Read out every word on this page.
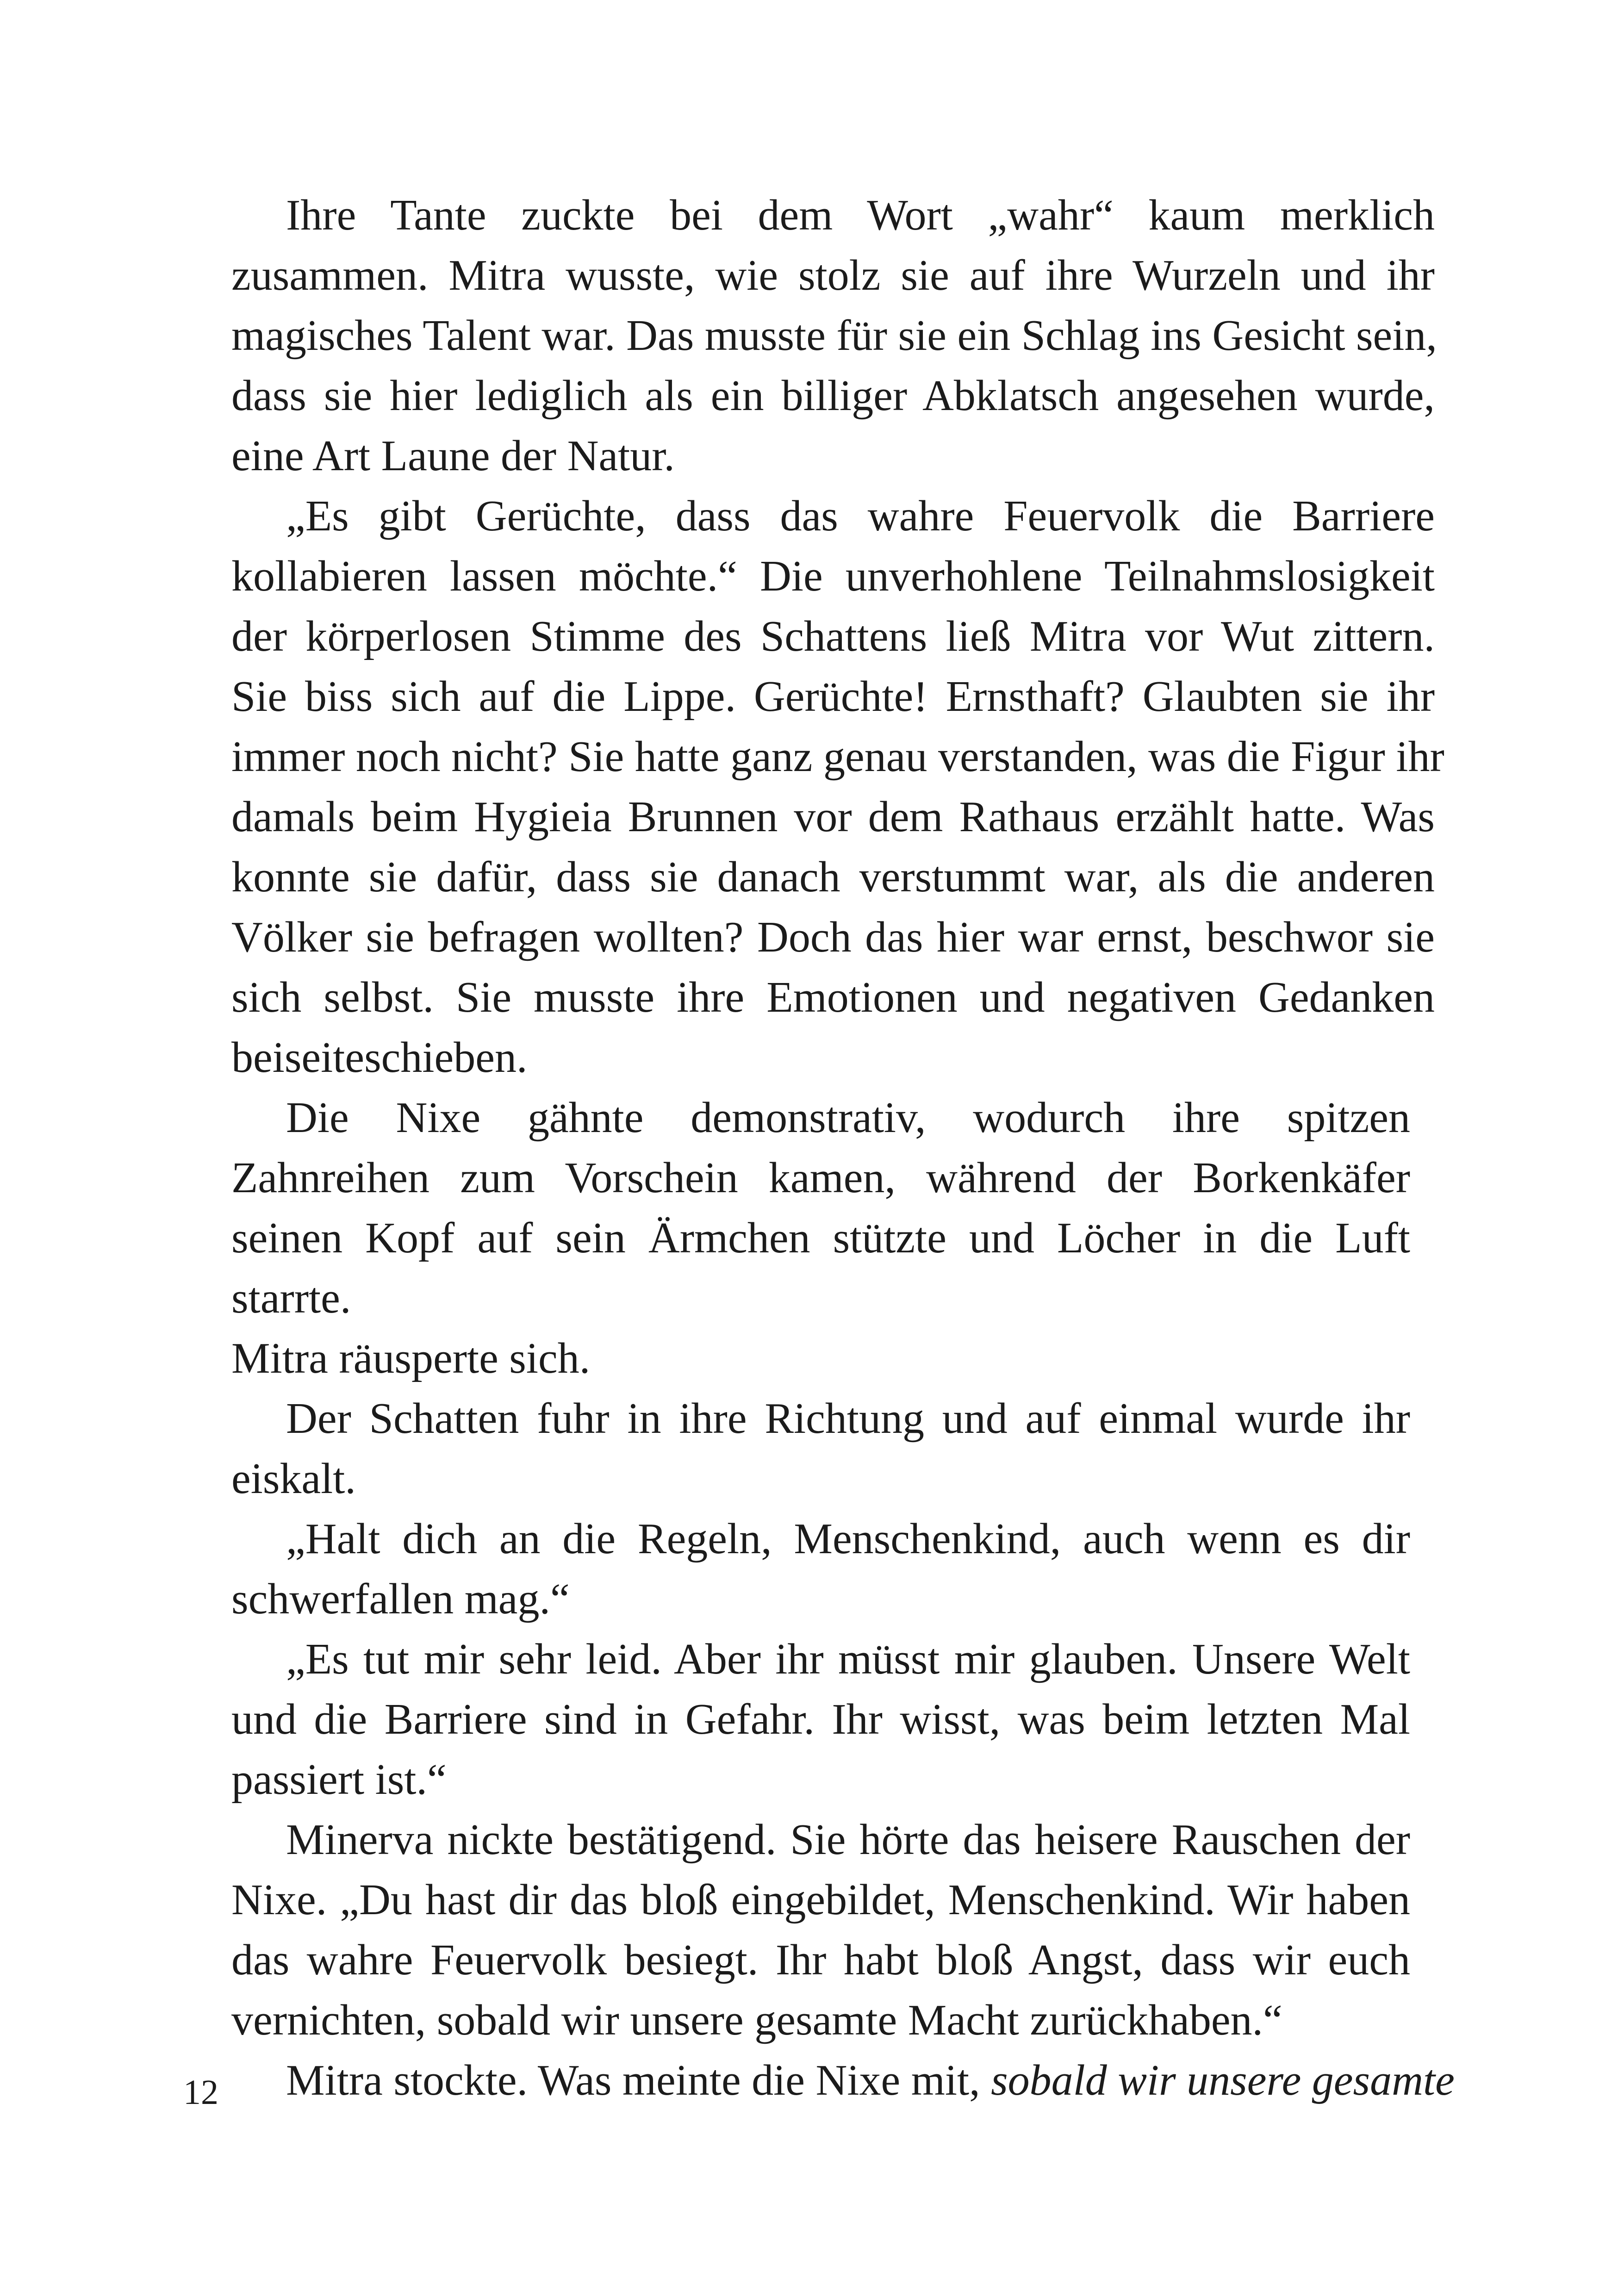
Ihre Tante zuckte bei dem Wort „wahr“ kaum merklich
zusammen. Mitra wusste, wie stolz sie auf ihre Wurzeln und ihr
magisches Talent war. Das musste für sie ein Schlag ins Gesicht sein,
dass sie hier lediglich als ein billiger Abklatsch angesehen wurde,
eine Art Laune der Natur.

„Es gibt Gerüchte, dass das wahre Feuervolk die Barriere
kollabieren lassen möchte.“ Die unverhohlene Teilnahmslosigkeit
der körperlosen Stimme des Schattens ließ Mitra vor Wut zittern.
Sie biss sich auf die Lippe. Gerüchte! Ernsthaft? Glaubten sie ihr
immer noch nicht? Sie hatte ganz genau verstanden, was die Figur ihr
damals beim Hygieia Brunnen vor dem Rathaus erzählt hatte. Was
konnte sie dafür, dass sie danach verstummt war, als die anderen
Völker sie befragen wollten? Doch das hier war ernst, beschwor sie
sich selbst. Sie musste ihre Emotionen und negativen Gedanken
beiseiteschieben.

Die Nixe gähnte demonstrativ, wodurch ihre spitzen
Zahnreihen zum Vorschein kamen, während der Borkenkäfer
seinen Kopf auf sein Ärmchen stützte und Löcher in die Luft
starrte.

Mitra räusperte sich.

Der Schatten fuhr in ihre Richtung und auf einmal wurde ihr
eiskalt.

„Halt dich an die Regeln, Menschenkind, auch wenn es dir
schwerfallen mag.“

„Es tut mir sehr leid. Aber ihr müsst mir glauben. Unsere Welt
und die Barriere sind in Gefahr. Ihr wisst, was beim letzten Mal
passiert ist.“

Minerva nickte bestätigend. Sie hörte das heisere Rauschen der
Nixe. „Du hast dir das bloß eingebildet, Menschenkind. Wir haben
das wahre Feuervolk besiegt. Ihr habt bloß Angst, dass wir euch
vernichten, sobald wir unsere gesamte Macht zurückhaben.“

Mitra stockte. Was meinte die Nixe mit, sobald wir unsere gesamte

12
